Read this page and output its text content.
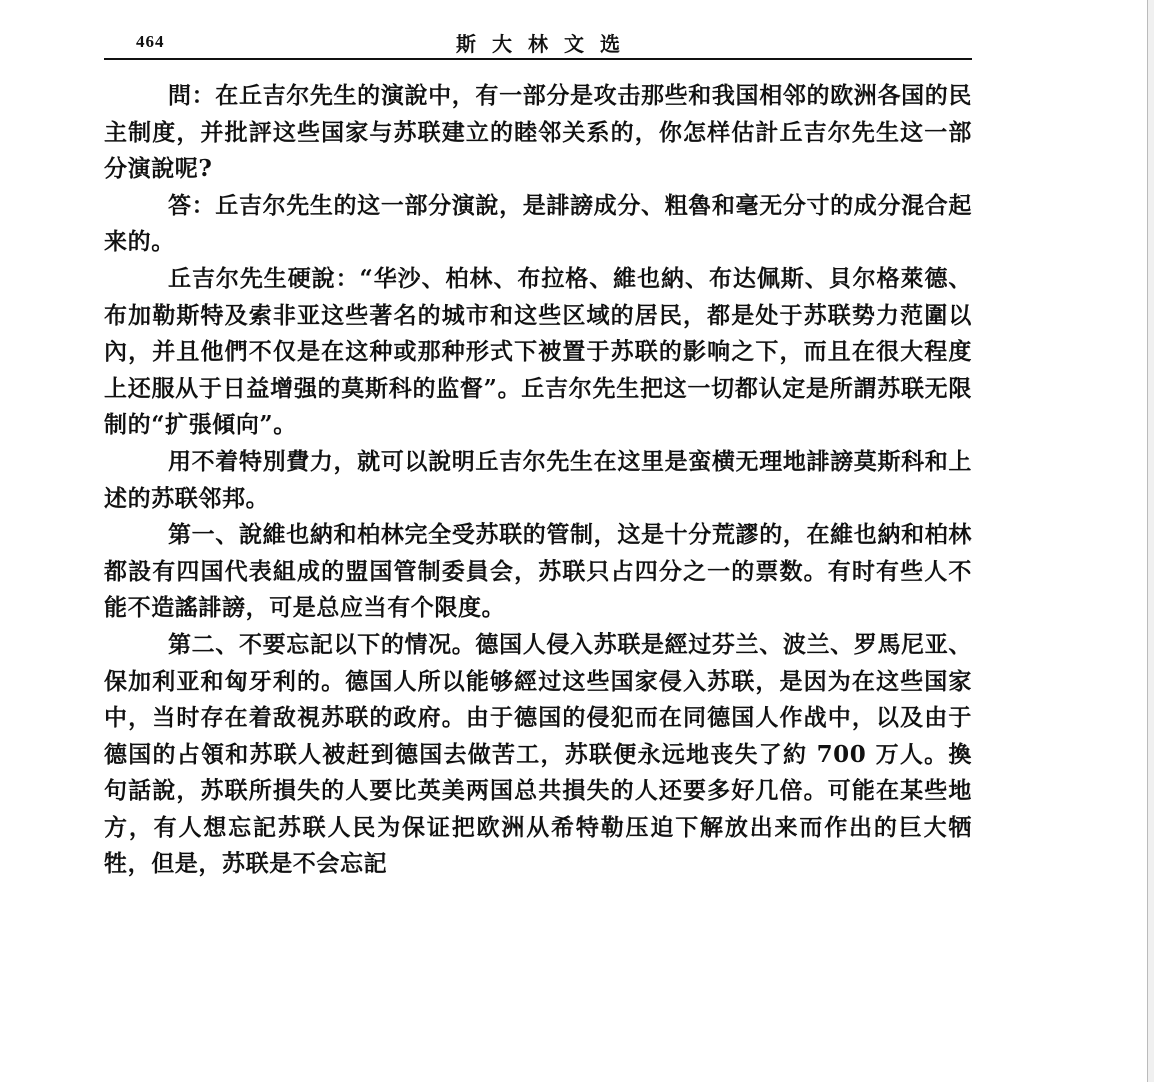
464	斯大林文选

問：在丘吉尔先生的演說中，有一部分是攻击那些和我国相邻的欧洲各国的民主制度，并批評这些国家与苏联建立的睦邻关系的，你怎样估計丘吉尔先生这一部分演說呢?

答：丘吉尔先生的这一部分演說，是誹謗成分、粗魯和毫无分寸的成分混合起来的。

丘吉尔先生硬說：“华沙、柏林、布拉格、維也納、布达佩斯、貝尔格萊德、布加勒斯特及索非亚这些著名的城市和这些区域的居民，都是处于苏联势力范圍以內，并且他們不仅是在这种或那种形式下被置于苏联的影响之下，而且在很大程度上还服从于日益增强的莫斯科的监督”。丘吉尔先生把这一切都认定是所謂苏联无限制的“扩張傾向”。

用不着特別費力，就可以說明丘吉尔先生在这里是蛮横无理地誹謗莫斯科和上述的苏联邻邦。

第一、說維也納和柏林完全受苏联的管制，这是十分荒謬的，在維也納和柏林都設有四国代表組成的盟国管制委員会，苏联只占四分之一的票数。有时有些人不能不造謠誹謗，可是总应当有个限度。

第二、不要忘記以下的情况。德国人侵入苏联是經过芬兰、波兰、罗馬尼亚、保加利亚和匈牙利的。德国人所以能够經过这些国家侵入苏联，是因为在这些国家中，当时存在着敌視苏联的政府。由于德国的侵犯而在同德国人作战中，以及由于德国的占領和苏联人被赶到德国去做苦工，苏联便永远地丧失了約 700 万人。換句話說，苏联所損失的人要比英美两国总共損失的人还要多好几倍。可能在某些地方，有人想忘記苏联人民为保证把欧洲从希特勒压迫下解放出来而作出的巨大牺牲，但是，苏联是不会忘記
